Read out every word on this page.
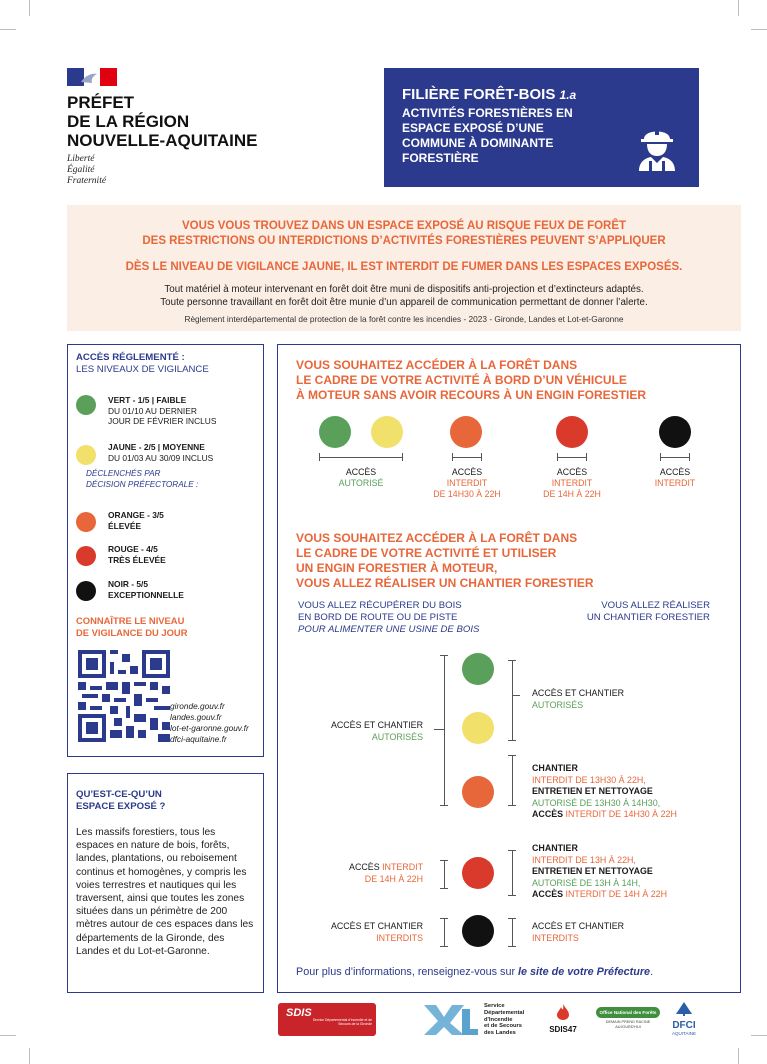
PRÉFET
DE LA RÉGION
NOUVELLE-AQUITAINE
Liberté
Égalité
Fraternité
FILIÈRE FORÊT-BOIS 1.a
ACTIVITÉS FORESTIÈRES EN
ESPACE EXPOSÉ D’UNE
COMMUNE À DOMINANTE
FORESTIÈRE
VOUS VOUS TROUVEZ DANS UN ESPACE EXPOSÉ AU RISQUE FEUX DE FORÊT
DES RESTRICTIONS OU INTERDICTIONS D’ACTIVITÉS FORESTIÈRES PEUVENT S’APPLIQUER
DÈS LE NIVEAU DE VIGILANCE JAUNE, IL EST INTERDIT DE FUMER DANS LES ESPACES EXPOSÉS.
Tout matériel à moteur intervenant en forêt doit être muni de dispositifs anti-projection et d’extincteurs adaptés.
Toute personne travaillant en forêt doit être munie d’un appareil de communication permettant de donner l’alerte.
Règlement interdépartemental de protection de la forêt contre les incendies - 2023 - Gironde, Landes et Lot-et-Garonne
ACCÈS RÉGLEMENTÉ :
LES NIVEAUX DE VIGILANCE
VERT - 1/5 | FAIBLE
DU 01/10 AU DERNIER
JOUR DE FÉVRIER INCLUS
JAUNE - 2/5 | MOYENNE
DU 01/03 AU 30/09 INCLUS
DÉCLENCHÉS PAR
DÉCISION PRÉFECTORALE :
ORANGE - 3/5
ÉLEVÉE
ROUGE - 4/5
TRÈS ÉLEVÉE
NOIR - 5/5
EXCEPTIONNELLE
CONNAÎTRE LE NIVEAU
DE VIGILANCE DU JOUR
gironde.gouv.fr
landes.gouv.fr
lot-et-garonne.gouv.fr
dfci-aquitaine.fr
QU’EST-CE-QU’UN
ESPACE EXPOSÉ ?
Les massifs forestiers, tous les espaces en nature de bois, forêts, landes, plantations, ou reboisement continus et homogènes, y compris les voies terrestres et nautiques qui les traversent, ainsi que toutes les zones situées dans un périmètre de 200 mètres autour de ces espaces dans les départements de la Gironde, des Landes et du Lot-et-Garonne.
VOUS SOUHAITEZ ACCÉDER À LA FORÊT DANS
LE CADRE DE VOTRE ACTIVITÉ À BORD D’UN VÉHICULE
À MOTEUR SANS AVOIR RECOURS À UN ENGIN FORESTIER
ACCÈS
AUTORISÉ
ACCÈS
INTERDIT
DE 14H30 À 22H
ACCÈS
INTERDIT
DE 14H À 22H
ACCÈS
INTERDIT
VOUS SOUHAITEZ ACCÉDER À LA FORÊT DANS
LE CADRE DE VOTRE ACTIVITÉ ET UTILISER
UN ENGIN FORESTIER À MOTEUR,
VOUS ALLEZ RÉALISER UN CHANTIER FORESTIER
VOUS ALLEZ RÉCUPÉRER DU BOIS
EN BORD DE ROUTE OU DE PISTE
POUR ALIMENTER UNE USINE DE BOIS
VOUS ALLEZ RÉALISER
UN CHANTIER FORESTIER
ACCÈS ET CHANTIER
AUTORISÉS
ACCÈS INTERDIT
DE 14H À 22H
ACCÈS ET CHANTIER
INTERDITS
ACCÈS ET CHANTIER
AUTORISÉS
CHANTIER
INTERDIT DE 13H30 À 22H,
ENTRETIEN ET NETTOYAGE
AUTORISÉ DE 13H30 À 14H30,
ACCÈS INTERDIT DE 14H30 À 22H
CHANTIER
INTERDIT DE 13H À 22H,
ENTRETIEN ET NETTOYAGE
AUTORISÉ DE 13H À 14H,
ACCÈS INTERDIT DE 14H À 22H
ACCÈS ET CHANTIER
INTERDITS
Pour plus d’informations, renseignez-vous sur le site de votre Préfecture.
SDIS
Service Départemental d'Incendie et de Secours de la Gironde
Service
Départemental
d'Incendie
et de Secours
des Landes	SDIS47
Office National des Forêts
DEMAIN PREND RACINE AUJOURD'HUI	DFCI
AQUITAINE
